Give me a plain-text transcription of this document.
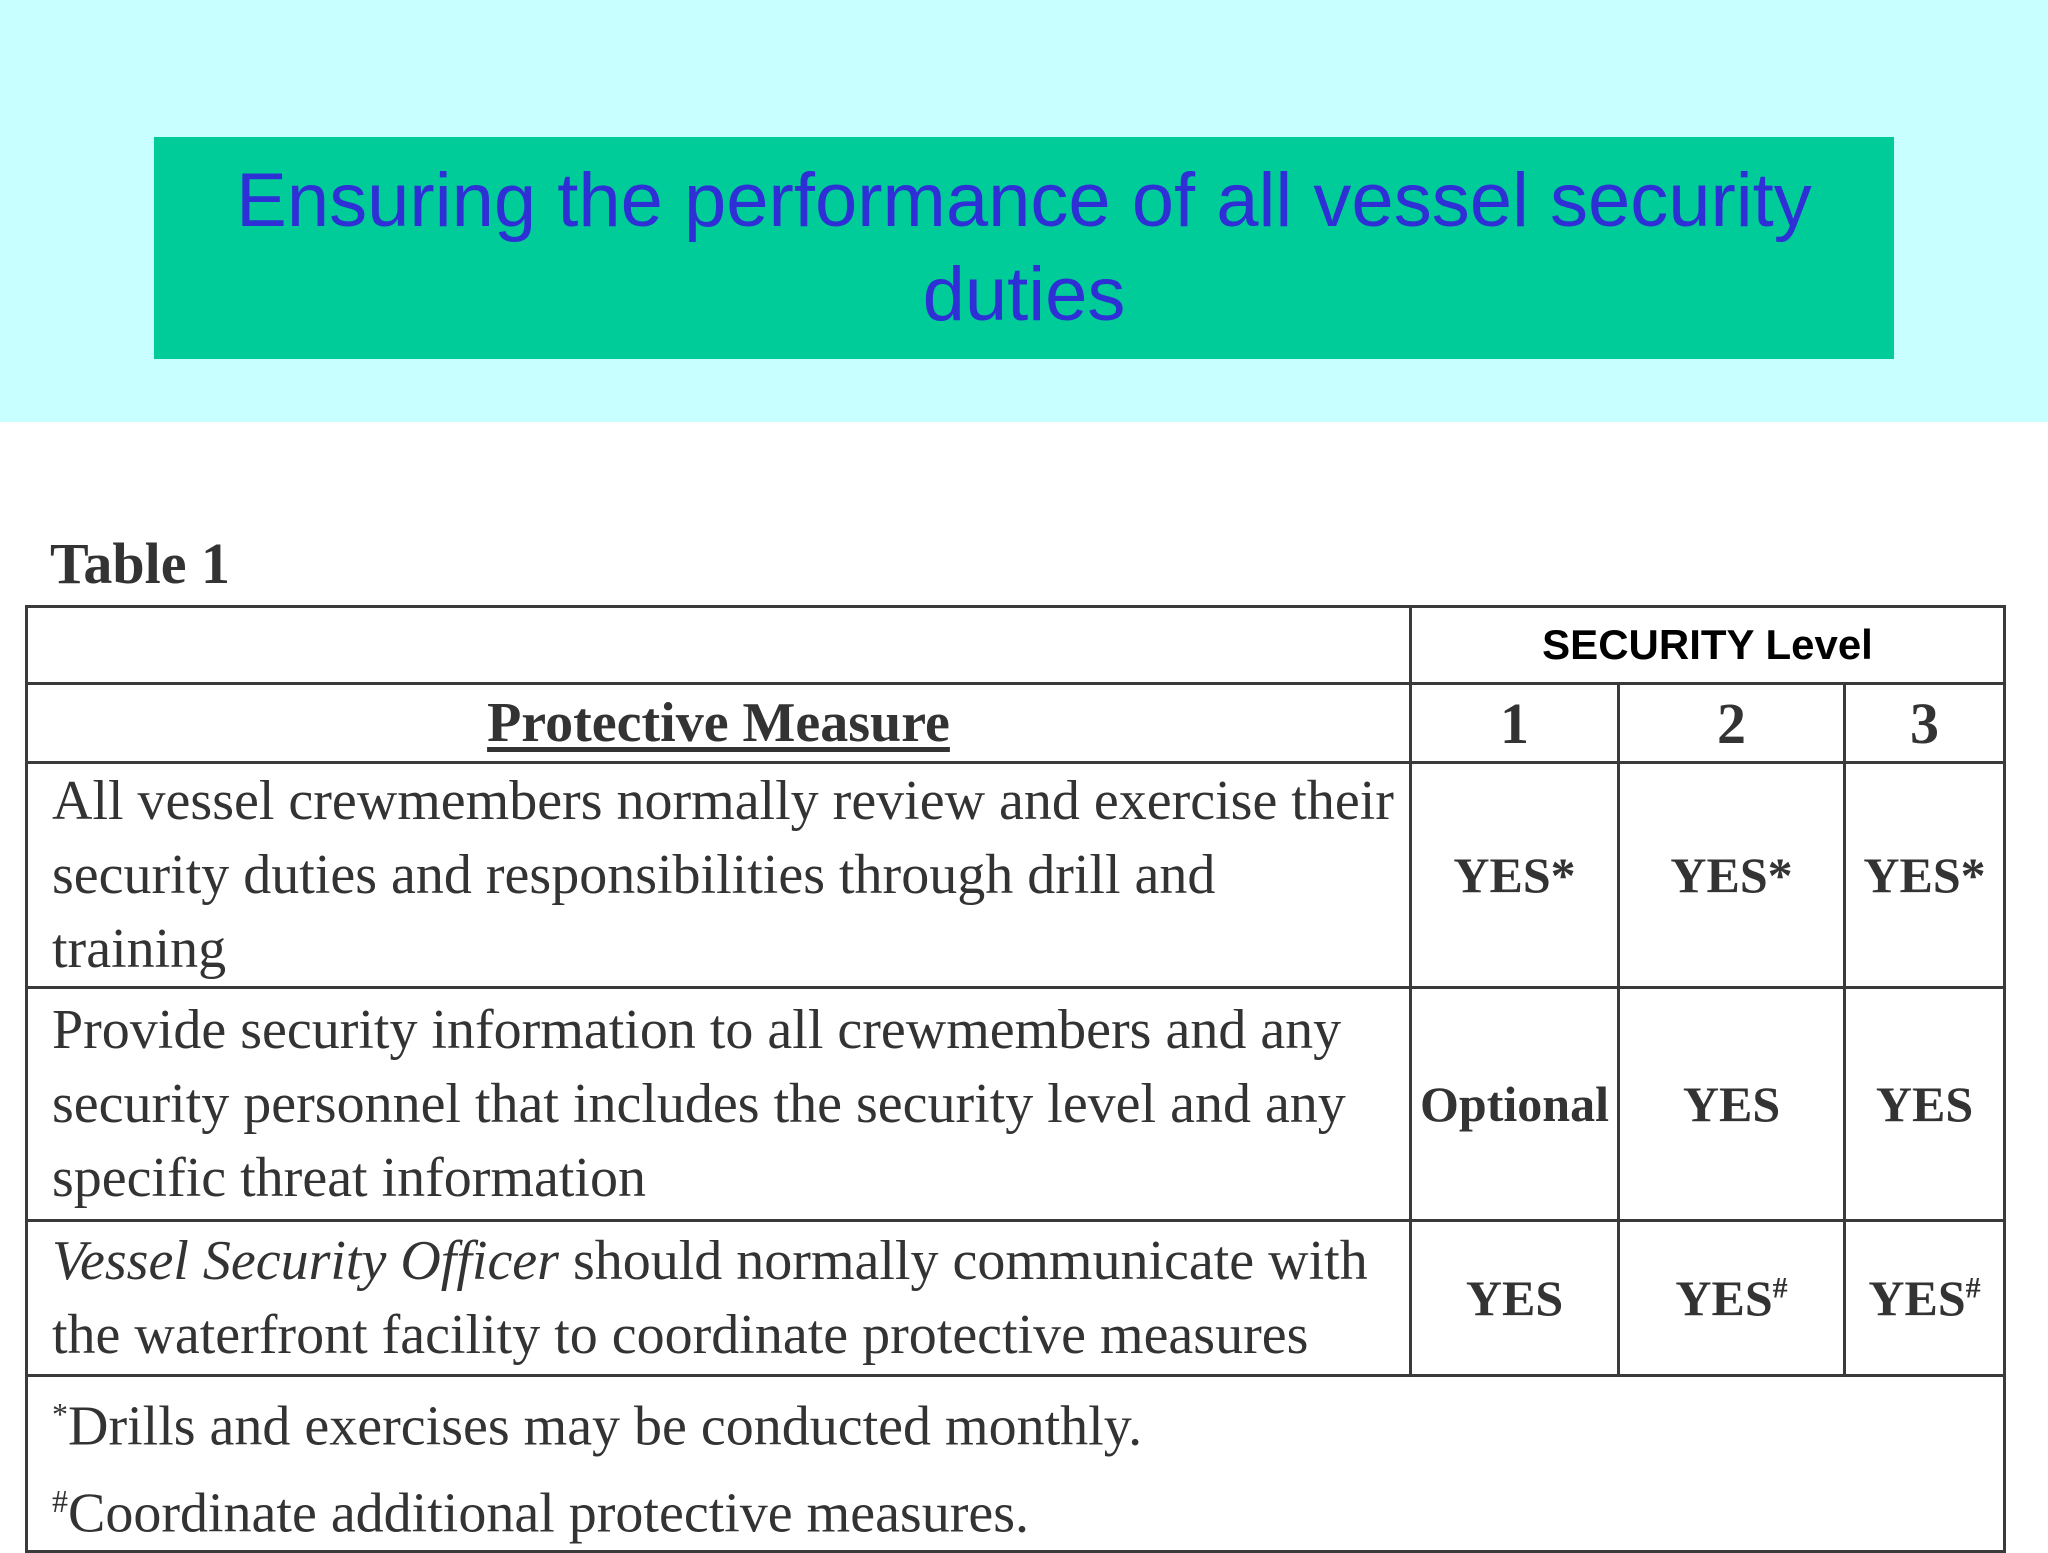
Ensuring the performance of all vessel security duties
Table 1
	SECURITY Level		
Protective Measure	1	2	3
All vessel crewmembers normally review and exercise their security duties and responsibilities through drill and training	YES*	YES*	YES*
Provide security information to all crewmembers and any security personnel that includes the security level and any specific threat information	Optional	YES	YES
Vessel Security Officer should normally communicate with the waterfront facility to coordinate protective measures	YES	YES#	YES#

*Drills and exercises may be conducted monthly.
#Coordinate additional protective measures.			
